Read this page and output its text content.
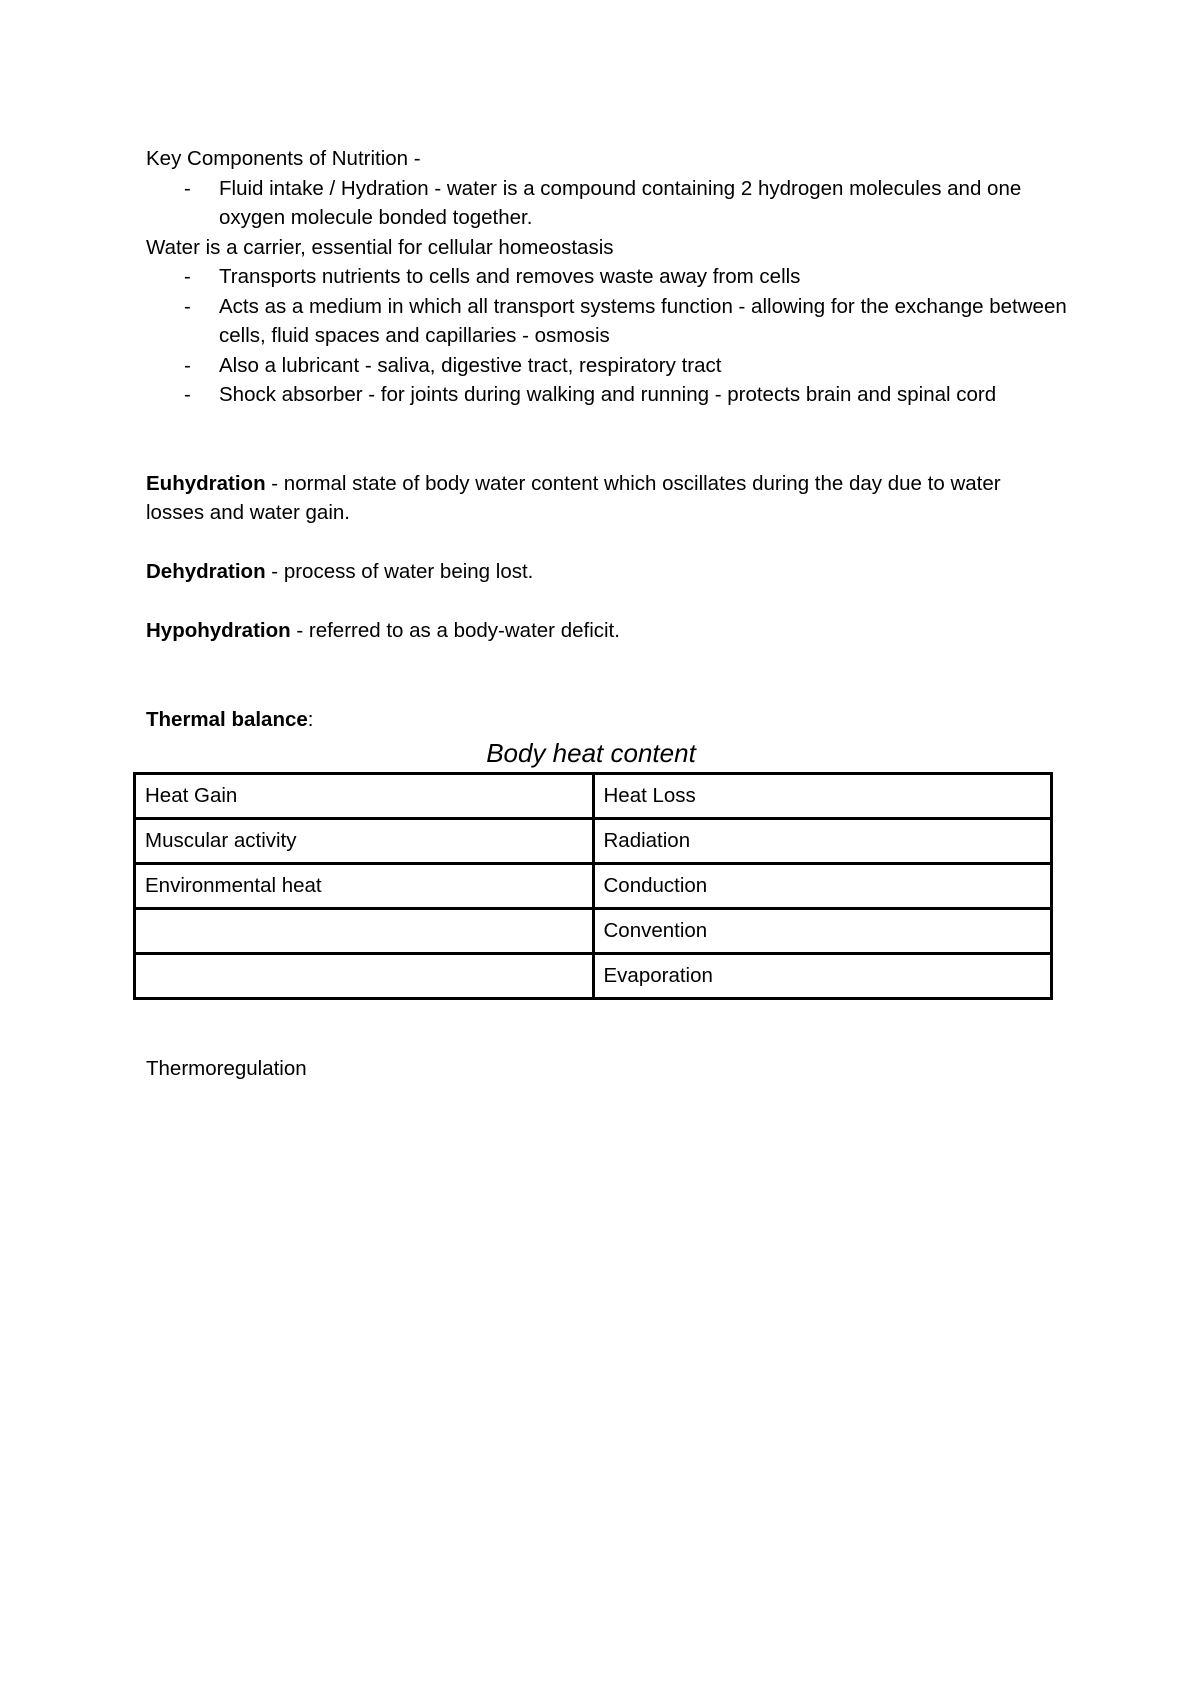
Key Components of Nutrition -

- Fluid intake / Hydration - water is a compound containing 2 hydrogen molecules and one oxygen molecule bonded together.

Water is a carrier, essential for cellular homeostasis

- Transports nutrients to cells and removes waste away from cells
- Acts as a medium in which all transport systems function - allowing for the exchange between cells, fluid spaces and capillaries - osmosis
- Also a lubricant - saliva, digestive tract, respiratory tract
- Shock absorber - for joints during walking and running - protects brain and spinal cord

Euhydration - normal state of body water content which oscillates during the day due to water losses and water gain.

Dehydration - process of water being lost.

Hypohydration - referred to as a body-water deficit.

Thermal balance:

Body heat content

Heat Gain	Heat Loss
Muscular activity	Radiation
Environmental heat	Conduction
	Convention
	Evaporation

Thermoregulation
